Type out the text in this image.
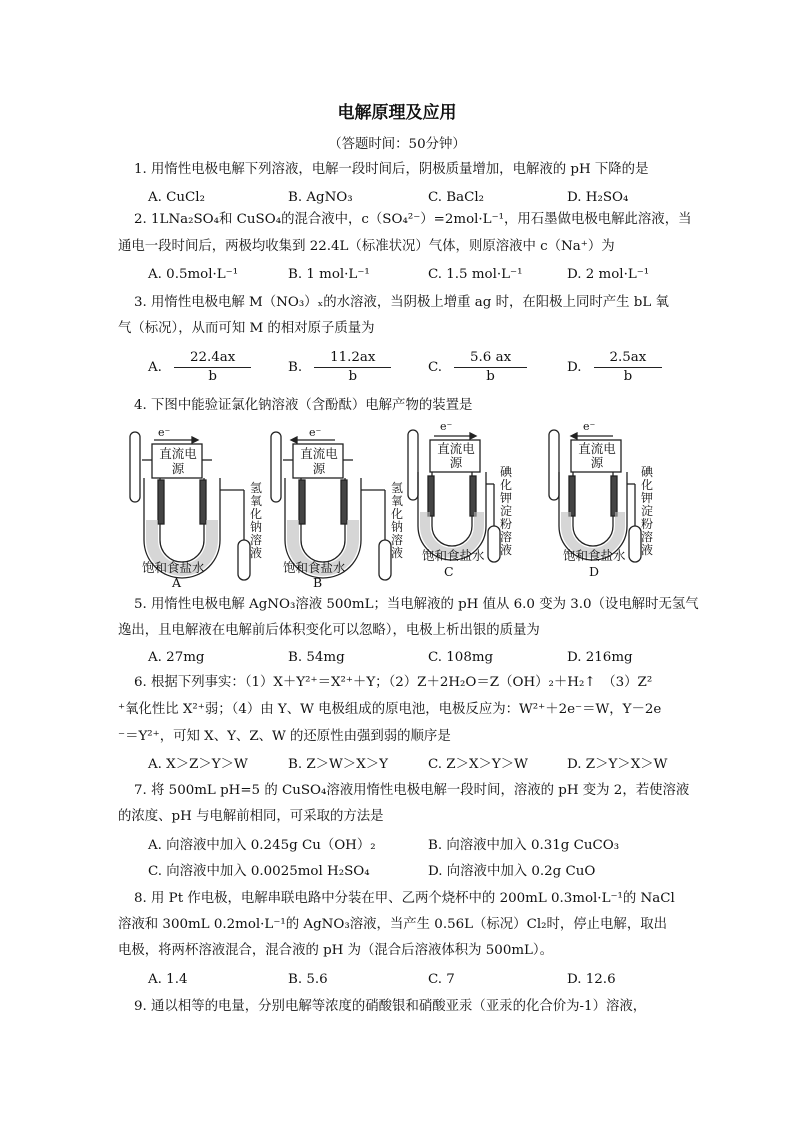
电解原理及应用
（答题时间：50分钟）
1. 用惰性电极电解下列溶液，电解一段时间后，阴极质量增加，电解液的 pH 下降的是
A. CuCl₂	B. AgNO₃	C. BaCl₂	D. H₂SO₄
2. 1LNa₂SO₄和 CuSO₄的混合液中，c（SO₄²⁻）=2mol·L⁻¹，用石墨做电极电解此溶液，当
通电一段时间后，两极均收集到 22.4L（标准状况）气体，则原溶液中 c（Na⁺）为
A. 0.5mol·L⁻¹	B. 1 mol·L⁻¹	C. 1.5 mol·L⁻¹	D. 2 mol·L⁻¹
3. 用惰性电极电解 M（NO₃）ₓ的水溶液，当阴极上增重 ag 时，在阳极上同时产生 bL 氧
气（标况），从而可知 M 的相对原子质量为
A. $\frac{22.4ax}{b}$	B. $\frac{11.2ax}{b}$	C. $\frac{5.6 ax}{b}$	D. $\frac{2.5ax}{b}$
4. 下图中能验证氯化钠溶液（含酚酞）电解产物的装置是
e⁻
直流电源
氢氧化钠溶液
饱和食盐水
A
e⁻
直流电源
氢氧化钠溶液
饱和食盐水
B
e⁻
直流电源
碘化钾淀粉溶液
饱和食盐水
C
e⁻
直流电源
碘化钾淀粉溶液
饱和食盐水
D
5. 用惰性电极电解 AgNO₃溶液 500mL；当电解液的 pH 值从 6.0 变为 3.0（设电解时无氢气
逸出，且电解液在电解前后体积变化可以忽略），电极上析出银的质量为
A. 27mg	B. 54mg	C. 108mg	D. 216mg
6. 根据下列事实：（1）X＋Y²⁺＝X²⁺＋Y；（2）Z＋2H₂O＝Z（OH）₂＋H₂↑　（3）Z²
⁺氧化性比 X²⁺弱；（4）由 Y、W 电极组成的原电池，电极反应为：W²⁺＋2e⁻＝W，Y－2e
⁻＝Y²⁺，可知 X、Y、Z、W 的还原性由强到弱的顺序是
A. X＞Z＞Y＞W	B. Z＞W＞X＞Y	C. Z＞X＞Y＞W	D. Z＞Y＞X＞W
7. 将 500mL pH=5 的 CuSO₄溶液用惰性电极电解一段时间，溶液的 pH 变为 2，若使溶液
的浓度、pH 与电解前相同，可采取的方法是
A. 向溶液中加入 0.245g Cu（OH）₂	B. 向溶液中加入 0.31g CuCO₃
C. 向溶液中加入 0.0025mol H₂SO₄	D. 向溶液中加入 0.2g CuO
8. 用 Pt 作电极，电解串联电路中分装在甲、乙两个烧杯中的 200mL 0.3mol·L⁻¹的 NaCl
溶液和 300mL 0.2mol·L⁻¹的 AgNO₃溶液，当产生 0.56L（标况）Cl₂时，停止电解，取出
电极，将两杯溶液混合，混合液的 pH 为（混合后溶液体积为 500mL）。
A. 1.4	B. 5.6	C. 7	D. 12.6
9. 通以相等的电量，分别电解等浓度的硝酸银和硝酸亚汞（亚汞的化合价为-1）溶液，
